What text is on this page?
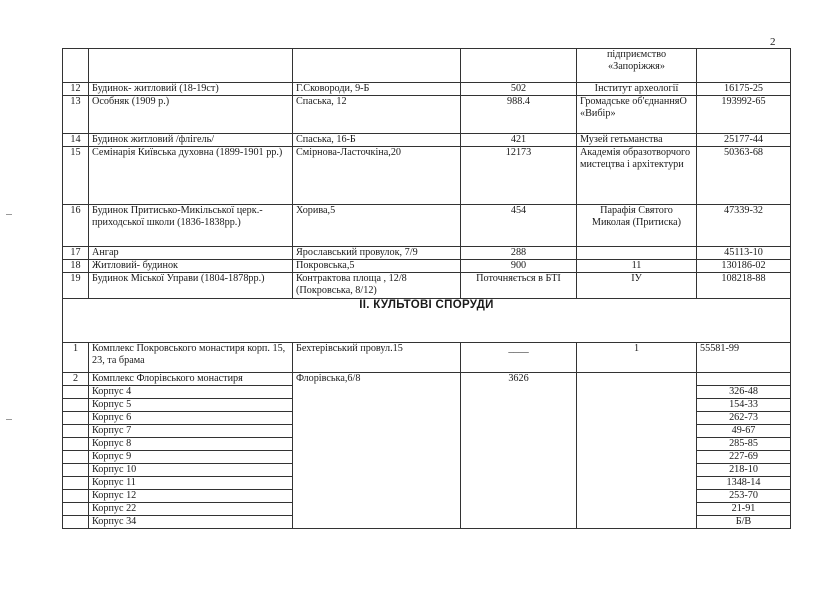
2
				підприємство «Запоріжжя»	
12	Будинок- житловий (18-19ст)	Г.Сковороди, 9-Б	502	Інститут археології	16175-25
13	Особняк (1909 р.)	Спаська, 12	988.4	Громадське об'єднанняО «Вибір»	193992-65
14	Будинок житловий /флігель/	Спаська, 16-Б	421	Музей гетьманства	25177-44
15	Семінарія Київська духовна (1899-1901 рр.)	Смірнова-Ласточкіна,20	12173	Академія образотворчого мистецтва і архітектури	50363-68
16	Будинок Притисько-Микільської церк.-приходської школи (1836-1838рр.)	Хорива,5	454	Парафія Святого Миколая (Притиска)	47339-32
17	Ангар	Ярославський провулок, 7/9	288		45113-10
18	Житловий- будинок	Покровська,5	900	11	130186-02
19	Будинок Міської Управи (1804-1878рр.)	Контрактова площа , 12/8 (Покровська, 8/12)	Поточняється в БТІ	ІУ	108218-88
II. КУЛЬТОВІ СПОРУДИ					
1	Комплекс Покровського монастиря корп. 15, 23, та брама	Бехтерівський провул.15	____	1	55581-99
2	Комплекс Флорівського монастиря	Флорівська,6/8	3626		
	Корпус 4				326-48
	Корпус 5				154-33
	Корпус 6				262-73
	Корпус 7				49-67
	Корпус 8				285-85
	Корпус 9				227-69
	Корпус 10				218-10
	Корпус 11				1348-14
	Корпус 12				253-70
	Корпус 22				21-91
	Корпус 34				Б/В
